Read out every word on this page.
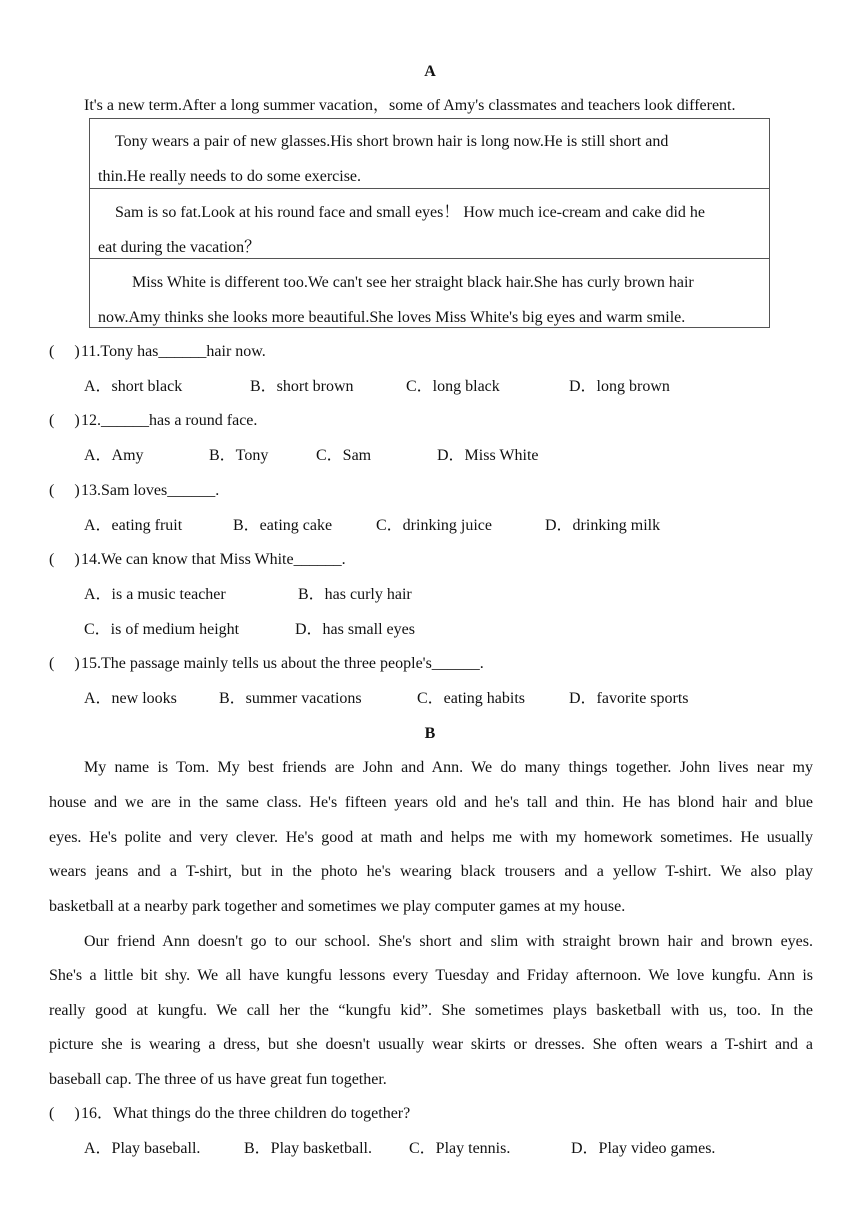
A
It's a new term.After a long summer vacation，some of Amy's classmates and teachers look different.
Tony wears a pair of new glasses.His short brown hair is long now.He is still short and
thin.He really needs to do some exercise.
Sam is so fat.Look at his round face and small eyes！ How much ice-cream and cake did he
eat during the vacation？
Miss White is different too.We can't see her straight black hair.She has curly brown hair
now.Amy thinks she looks more beautiful.She loves Miss White's big eyes and warm smile.
( )11.Tony has______hair now.
A．short black	B．short brown	C．long black	D．long brown
( )12.______has a round face.
A．Amy	B．Tony	C．Sam	D．Miss White
( )13.Sam loves______.
A．eating fruit	B．eating cake	C．drinking juice	D．drinking milk
( )14.We can know that Miss White______.
A．is a music teacher	B．has curly hair
C．is of medium height	D．has small eyes
( )15.The passage mainly tells us about the three people's______.
A．new looks	B．summer vacations	C．eating habits	D．favorite sports
B
My name is Tom. My best friends are John and Ann. We do many things together. John lives near my
house and we are in the same class. He's fifteen years old and he's tall and thin. He has blond hair and blue
eyes. He's polite and very clever. He's good at math and helps me with my homework sometimes. He usually
wears jeans and a T-shirt, but in the photo he's wearing black trousers and a yellow T-shirt. We also play
basketball at a nearby park together and sometimes we play computer games at my house.
Our friend Ann doesn't go to our school. She's short and slim with straight brown hair and brown eyes.
She's a little bit shy. We all have kungfu lessons every Tuesday and Friday afternoon. We love kungfu. Ann is
really good at kungfu. We call her the “kungfu kid”. She sometimes plays basketball with us, too. In the
picture she is wearing a dress, but she doesn't usually wear skirts or dresses. She often wears a T-shirt and a
baseball cap. The three of us have great fun together.
( )16．What things do the three children do together?
A．Play baseball.	B．Play basketball. C．Play tennis.	D．Play video games.
